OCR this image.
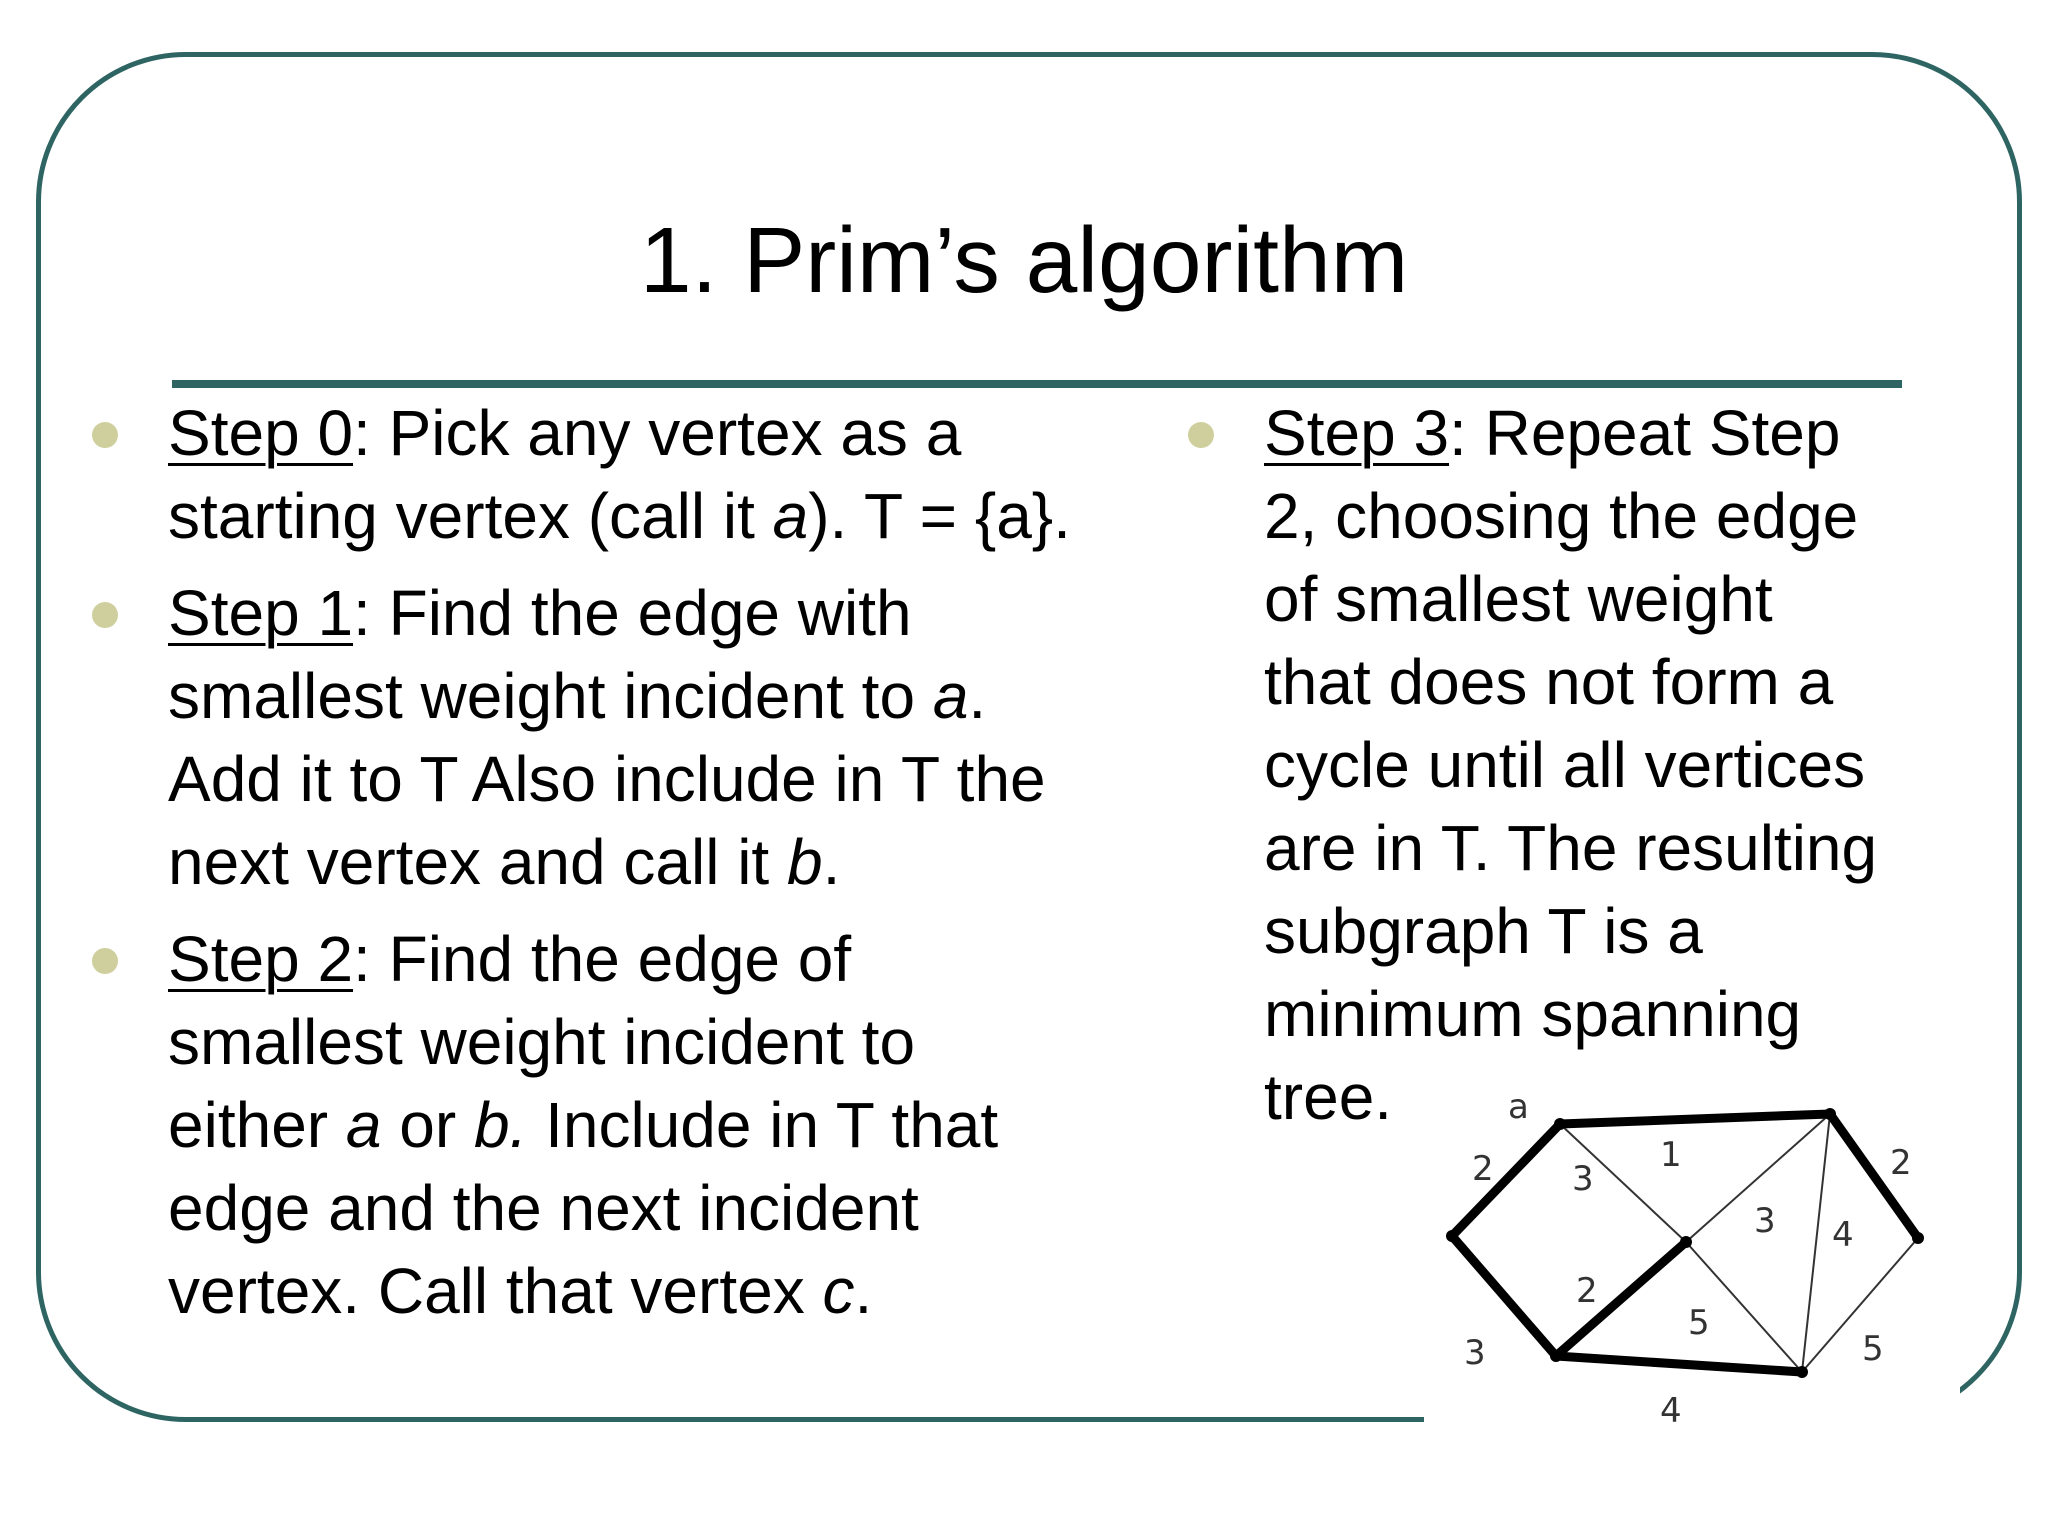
1. Prim’s algorithm
Step 0: Pick any vertex as a
starting vertex (call it a). T = {a}.
Step 1: Find the edge with
smallest weight incident to a.
Add it to T Also include in T the
next vertex and call it b.
Step 2: Find the edge of
smallest weight incident to
either a or b. Include in T that
edge and the next incident
vertex. Call that vertex c.
Step 3: Repeat Step
2, choosing the edge
of smallest weight
that does not form a
cycle until all vertices
are in T. The resulting
subgraph T is a
minimum spanning
tree.	a
2 3
1	2
3 4
2
5
3	5
4
